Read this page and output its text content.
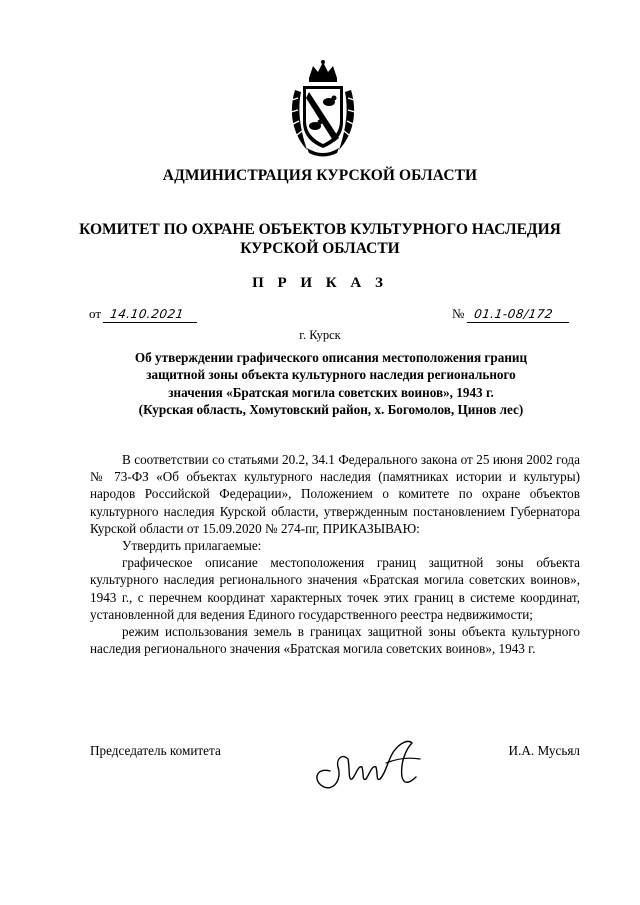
АДМИНИСТРАЦИЯ КУРСКОЙ ОБЛАСТИ
КОМИТЕТ ПО ОХРАНЕ ОБЪЕКТОВ КУЛЬТУРНОГО НАСЛЕДИЯ
КУРСКОЙ ОБЛАСТИ
П Р И К А З
от 14.10.2021	№ 01.1-08/172
г. Курск
Об утверждении графического описания местоположения границ
защитной зоны объекта культурного наследия регионального
значения «Братская могила советских воинов», 1943 г.
(Курская область, Хомутовский район, х. Богомолов, Цинов лес)

В соответствии со статьями 20.2, 34.1 Федерального закона от 25 июня 2002 года № 73-ФЗ «Об объектах культурного наследия (памятниках истории и культуры) народов Российской Федерации», Положением о комитете по охране объектов культурного наследия Курской области, утвержденным постановлением Губернатора Курской области от 15.09.2020 № 274-пг, ПРИКАЗЫВАЮ:

Утвердить прилагаемые:

графическое описание местоположения границ защитной зоны объекта культурного наследия регионального значения «Братская могила советских воинов», 1943 г., с перечнем координат характерных точек этих границ в системе координат, установленной для ведения Единого государственного реестра недвижимости;

режим использования земель в границах защитной зоны объекта культурного наследия регионального значения «Братская могила советских воинов», 1943 г.

Председатель комитета	И.А. Мусьял
